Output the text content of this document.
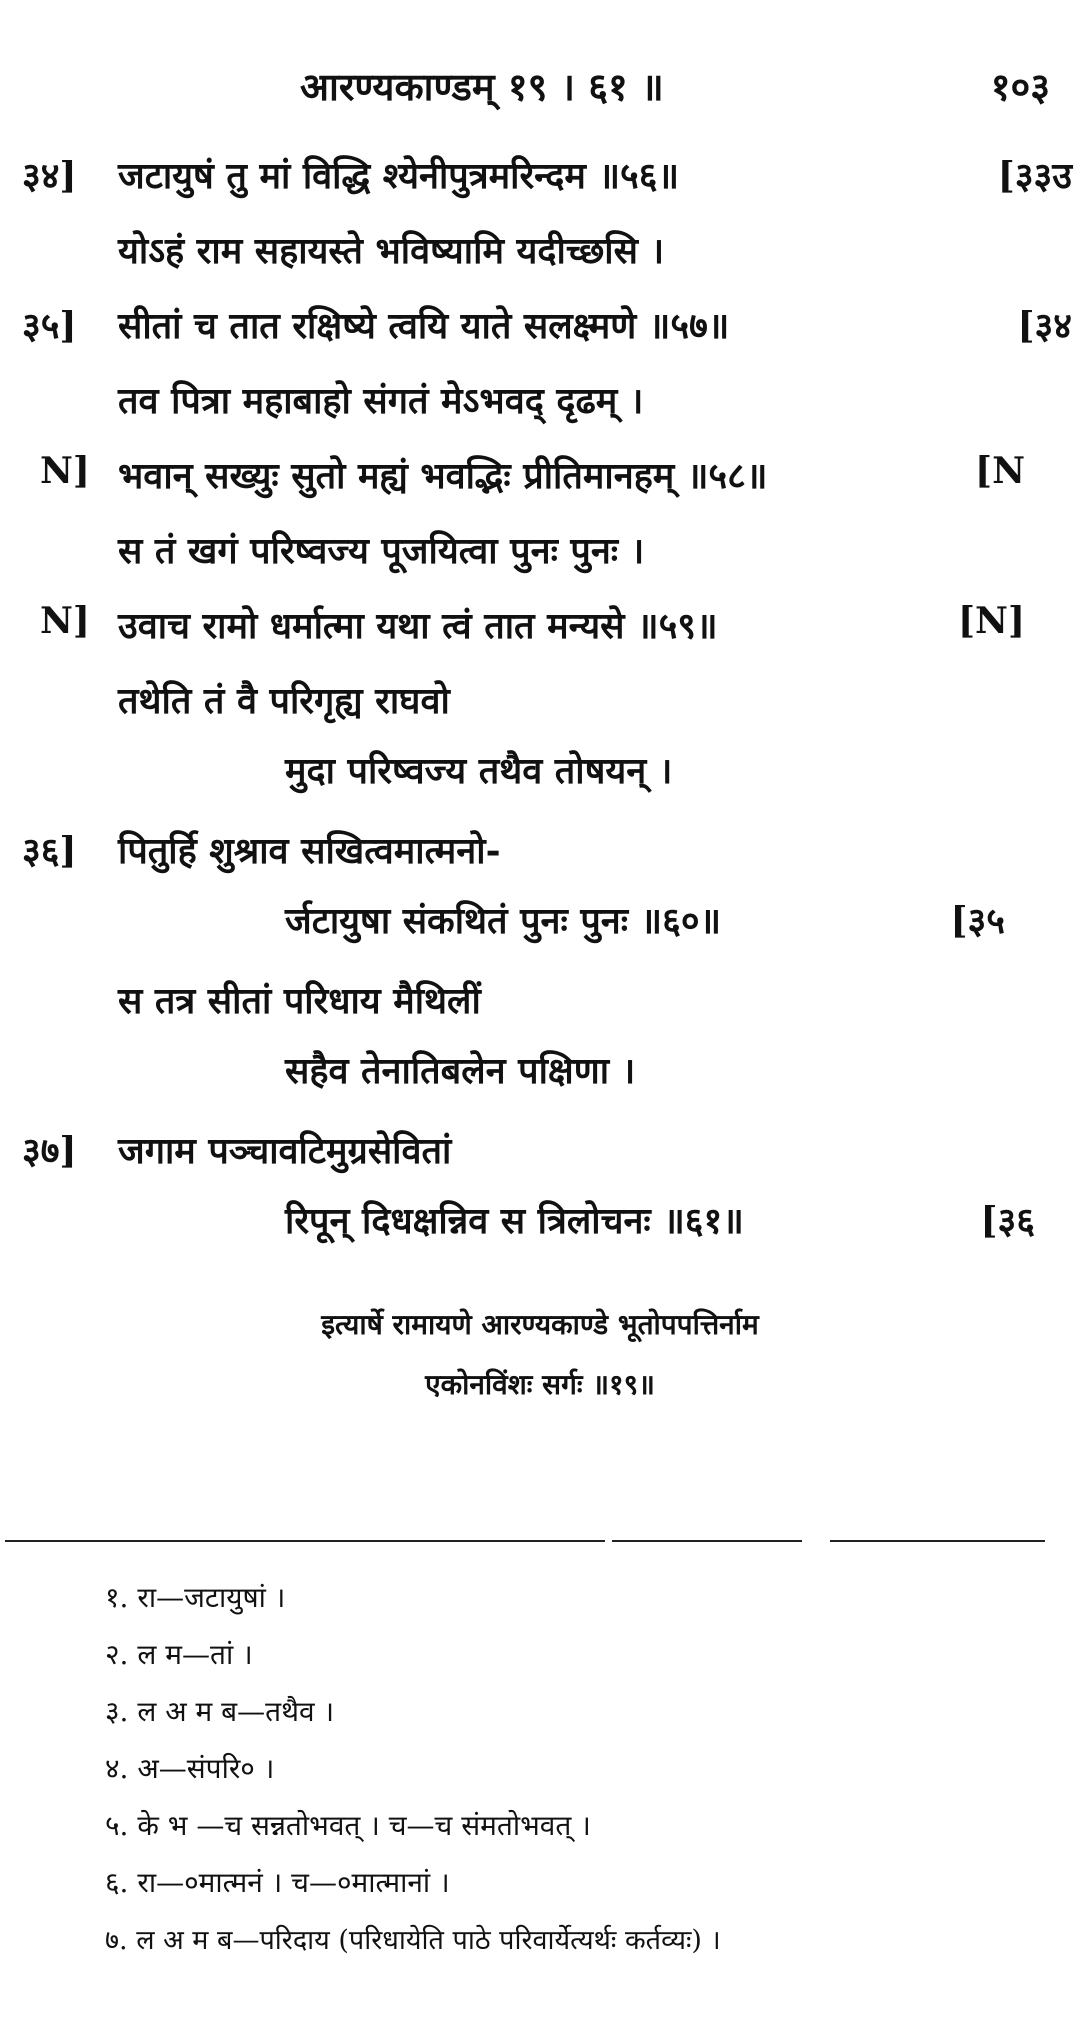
आरण्यकाण्डम् १९ । ६१ ॥	१०३
३४] जटायुषं तु मां विद्धि श्येनीपुत्रमरिन्दम ॥५६॥	[३३उ
योऽहं राम सहायस्ते भविष्यामि यदीच्छसि ।
३५] सीतां च तात रक्षिष्ये त्वयि याते सलक्ष्मणे ॥५७॥	[३४
तव पित्रा महाबाहो संगतं मेऽभवद् दृढम् ।
N] भवान् सख्युः सुतो मह्यं भवद्भिः प्रीतिमानहम् ॥५८॥	[N
स तं खगं परिष्वज्य पूजयित्वा पुनः पुनः ।
N] उवाच रामो धर्मात्मा यथा त्वं तात मन्यसे ॥५९॥	[N]
तथेति तं वै परिगृह्य राघवो
मुदा परिष्वज्य तथैव तोषयन् ।
३६] पितुर्हि शुश्राव सखित्वमात्मनो-
र्जटायुषा संकथितं पुनः पुनः ॥६०॥	[३५
स तत्र सीतां परिधाय मैथिलीं
सहैव तेनातिबलेन पक्षिणा ।
३७] जगाम पञ्चावटिमुग्रसेवितां
रिपून् दिधक्षन्निव स त्रिलोचनः ॥६१॥	[३६
इत्यार्षे रामायणे आरण्यकाण्डे भूतोपपत्तिर्नाम
एकोनविंशः सर्गः ॥१९॥
१. रा—जटायुषां ।
२. ल म—तां ।
३. ल अ म ब—तथैव ।
४. अ—संपरि० ।
५. के भ —च सन्नतोभवत् । च—च संमतोभवत् ।
६. रा—०मात्मनं । च—०मात्मानां ।
७. ल अ म ब—परिदाय (परिधायेति पाठे परिवार्येत्यर्थः कर्तव्यः) ।
